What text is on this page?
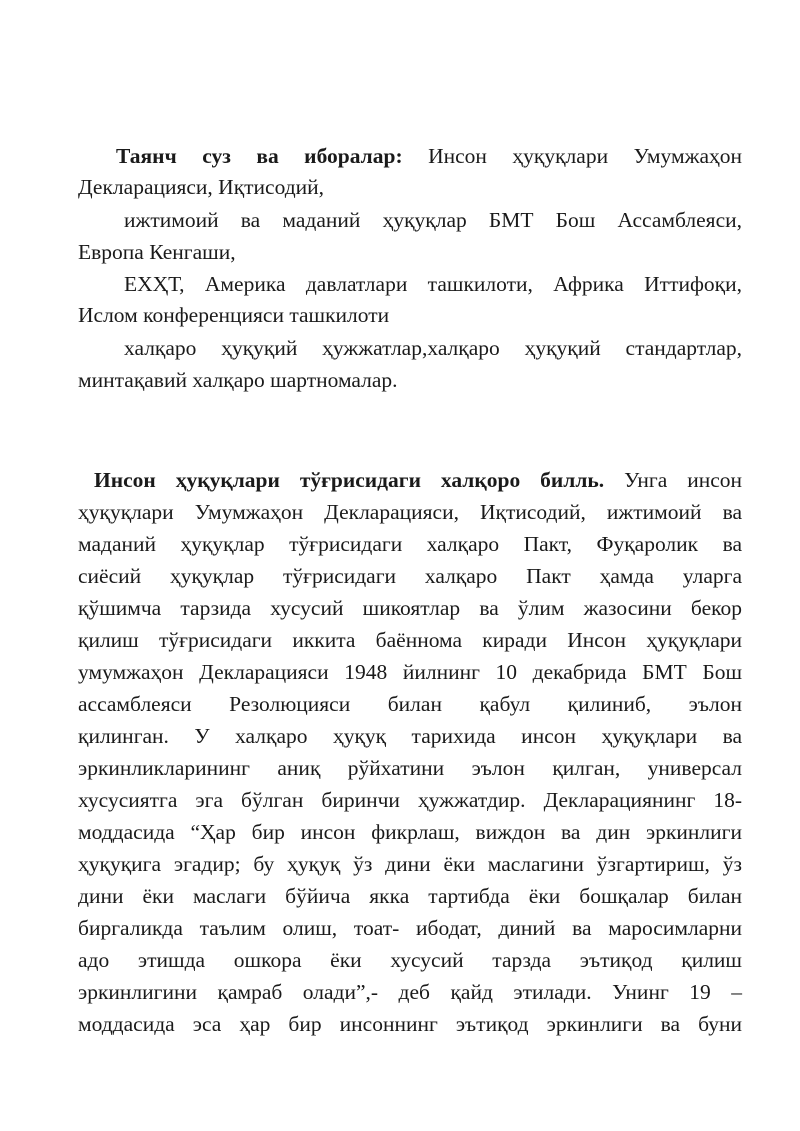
Таянч суз ва иборалар: Инсон ҳуқуқлари Умумжаҳон
Декларацияси, Иқтисодий,
ижтимоий ва маданий ҳуқуқлар БМТ Бош Ассамблеяси,
Европа Кенгаши,
ЕХҲТ, Америка давлатлари ташкилоти, Африка Иттифоқи,
Ислом конференцияси ташкилоти
халқаро ҳуқуқий ҳужжатлар,халқаро ҳуқуқий стандартлар,
минтақавий халқаро шартномалар.
Инсон ҳуқуқлари тўғрисидаги халқоро билль. Унга инсон
ҳуқуқлари Умумжаҳон Декларацияси, Иқтисодий, ижтимоий ва
маданий ҳуқуқлар тўғрисидаги халқаро Пакт, Фуқаролик ва
сиёсий ҳуқуқлар тўғрисидаги халқаро Пакт ҳамда уларга
қўшимча тарзида хусусий шикоятлар ва ўлим жазосини бекор
қилиш тўғрисидаги иккита баённома киради Инсон ҳуқуқлари
умумжаҳон Декларацияси 1948 йилнинг 10 декабрида БМТ Бош
ассамблеяси Резолюцияси билан қабул қилиниб, эълон
қилинган. У халқаро ҳуқуқ тарихида инсон ҳуқуқлари ва
эркинликларининг аниқ рўйхатини эълон қилган, универсал
хусусиятга эга бўлган биринчи ҳужжатдир. Декларациянинг 18-
моддасида “Ҳар бир инсон фикрлаш, виждон ва дин эркинлиги
ҳуқуқига эгадир; бу ҳуқуқ ўз дини ёки маслагини ўзгартириш, ўз
дини ёки маслаги бўйича якка тартибда ёки бошқалар билан
биргаликда таълим олиш, тоат- ибодат, диний ва маросимларни
адо этишда ошкора ёки хусусий тарзда эътиқод қилиш
эркинлигини қамраб олади”,- деб қайд этилади. Унинг 19 –
моддасида эса ҳар бир инсоннинг эътиқод эркинлиги ва буни
